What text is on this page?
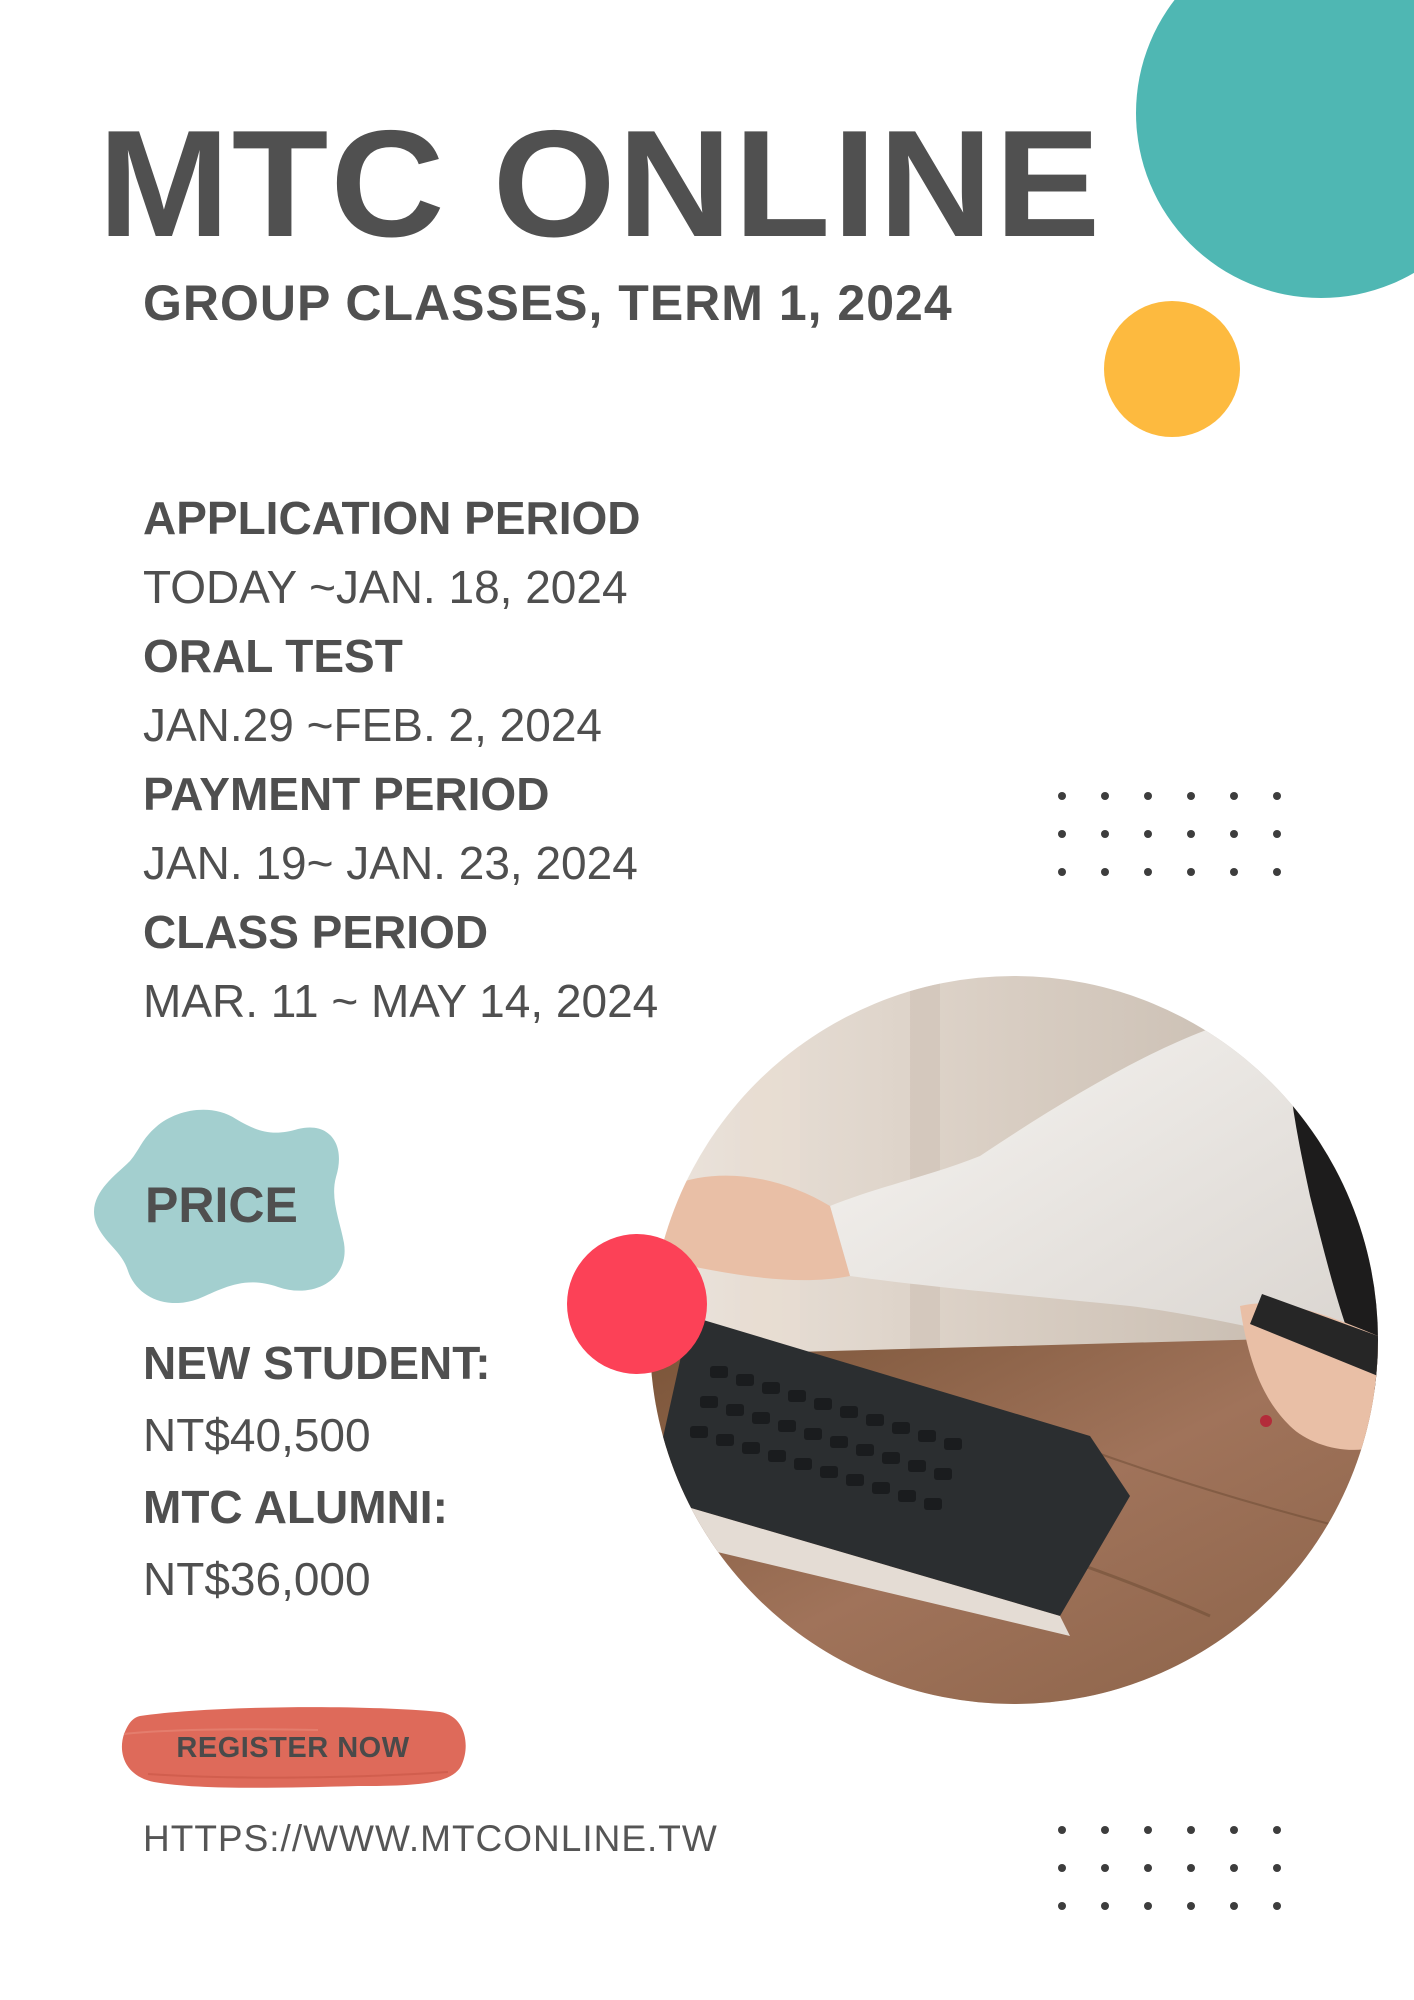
MTC ONLINE
GROUP CLASSES, TERM 1, 2024
APPLICATION PERIOD
TODAY ~JAN. 18, 2024
ORAL TEST
JAN.29 ~FEB. 2, 2024
PAYMENT PERIOD
JAN. 19~ JAN. 23, 2024
CLASS PERIOD
MAR. 11 ~ MAY 14, 2024
PRICE
NEW STUDENT:
NT$40,500
MTC ALUMNI:
NT$36,000
REGISTER NOW
HTTPS://WWW.MTCONLINE.TW
